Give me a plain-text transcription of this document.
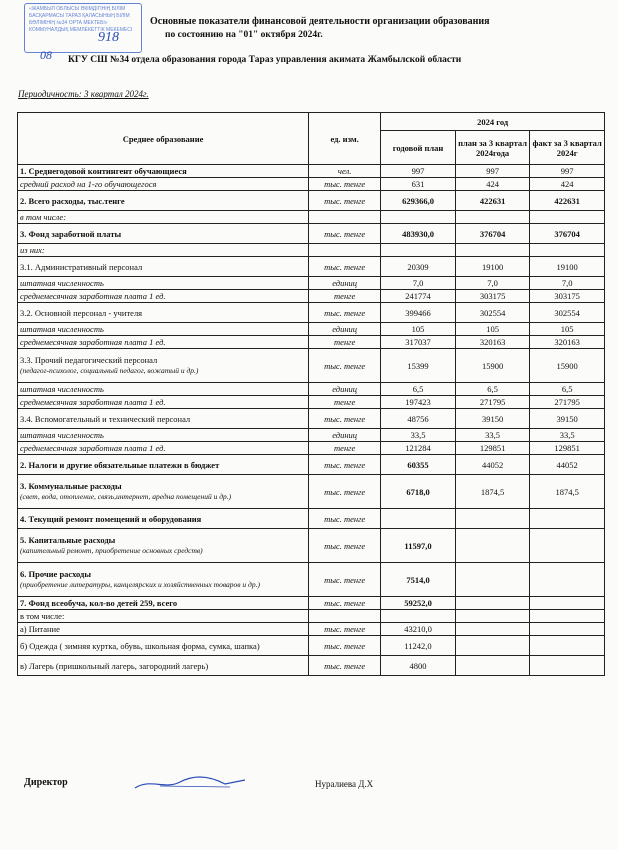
«ЖАМБЫЛ ОБЛЫСЫ ӘКІМДІГІНІҢ БІЛІМ БАСҚАРМАСЫ ТАРАЗ ҚАЛАСЫНЫҢ БІЛІМ БӨЛІМІНІҢ №34 ОРТА МЕКТЕБІ» КОММУНАЛДЫҚ МЕМЛЕКЕТТІК МЕКЕМЕСІ
918
08
Основные показатели финансовой деятельности организации образования
по состоянию на "01" октября 2024г.
КГУ СШ №34 отдела образования города Тараз управления акимата Жамбылской области
Периодичность: 3 квартал 2024г.
Среднее образование	ед. изм.	2024 год		
		годовой план	план за 3 квартал 2024года	факт за 3 квартал 2024г
1. Среднегодовой контингент обучающиеся	чел.	997	997	997
средний расход на 1-го обучающегося	тыс. тенге	631	424	424
2. Всего расходы, тыс.тенге	тыс. тенге	629366,0	422631	422631
в том числе:				
3. Фонд заработной платы	тыс. тенге	483930,0	376704	376704
из них:				
3.1. Административный персонал	тыс. тенге	20309	19100	19100
штатная численность	единиц	7,0	7,0	7,0
среднемесячная заработная плата 1 ед.	тенге	241774	303175	303175
3.2. Основной персонал - учителя	тыс. тенге	399466	302554	302554
штатная численность	единиц	105	105	105
среднемесячная заработная плата 1 ед.	тенге	317037	320163	320163
3.3. Прочий педагогический персонал
(педагог-психолог, социальный педагог, вожатый и др.)	тыс. тенге	15399	15900	15900
штатная численность	единиц	6,5	6,5	6,5
среднемесячная заработная плата 1 ед.	тенге	197423	271795	271795
3.4. Вспомогательный и технический персонал	тыс. тенге	48756	39150	39150
штатная численность	единиц	33,5	33,5	33,5
среднемесячная заработная плата 1 ед.	тенге	121284	129851	129851
2. Налоги и другие обязательные платежи в бюджет	тыс. тенге	60355	44052	44052
3. Коммунальные расходы
(свет, вода, отопление, связь,интернет, аредна помещений и др.)	тыс. тенге	6718,0	1874,5	1874,5
4. Текущий ремонт помещений и оборудования	тыс. тенге			
5. Капитальные расходы
(капительный ремонт, приобретение основных средств)	тыс. тенге	11597,0		
6. Прочие расходы
(приобретение литературы, канцелярских и хозяйственных товаров и др.)	тыс. тенге	7514,0		
7. Фонд всеобуча, кол-во детей 259, всего	тыс. тенге	59252,0		
в том числе:				
а) Питание	тыс. тенге	43210,0		
б) Одежда ( зимняя куртка, обувь, школьная форма, сумка, шапка)	тыс. тенге	11242,0		
в) Лагерь (пришкольный лагерь, загородний лагерь)	тыс. тенге	4800		
Директор	Нуралиева Д.Х
